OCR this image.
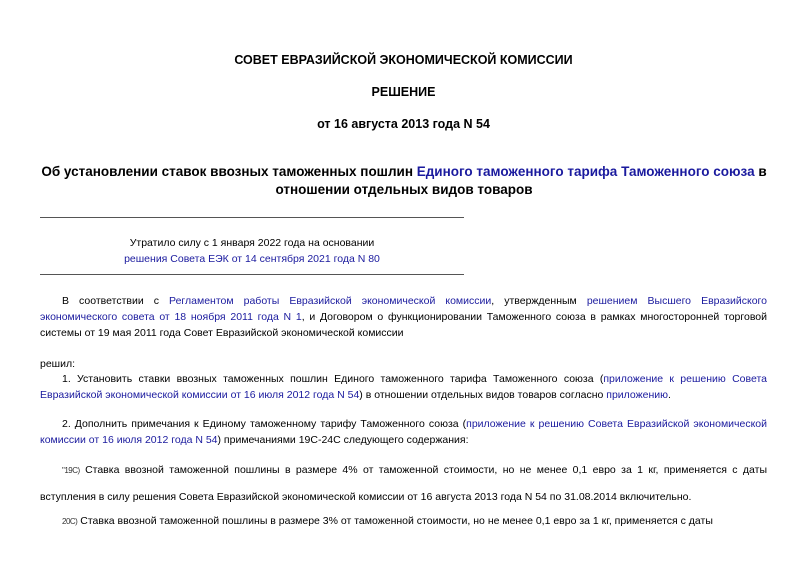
СОВЕТ ЕВРАЗИЙСКОЙ ЭКОНОМИЧЕСКОЙ КОМИССИИ
РЕШЕНИЕ
от 16 августа 2013 года N 54
Об установлении ставок ввозных таможенных пошлин Единого таможенного тарифа Таможенного союза в отношении отдельных видов товаров
Утратило силу с 1 января 2022 года на основании
решения Совета ЕЭК от 14 сентября 2021 года N 80
В соответствии с Регламентом работы Евразийской экономической комиссии, утвержденным решением Высшего Евразийского экономического совета от 18 ноября 2011 года N 1, и Договором о функционировании Таможенного союза в рамках многосторонней торговой системы от 19 мая 2011 года Совет Евразийской экономической комиссии
решил:
1. Установить ставки ввозных таможенных пошлин Единого таможенного тарифа Таможенного союза (приложение к решению Совета Евразийской экономической комиссии от 16 июля 2012 года N 54) в отношении отдельных видов товаров согласно приложению.
2. Дополнить примечания к Единому таможенному тарифу Таможенного союза (приложение к решению Совета Евразийской экономической комиссии от 16 июля 2012 года N 54) примечаниями 19С-24С следующего содержания:
"19С) Ставка ввозной таможенной пошлины в размере 4% от таможенной стоимости, но не менее 0,1 евро за 1 кг, применяется с даты вступления в силу решения Совета Евразийской экономической комиссии от 16 августа 2013 года N 54 по 31.08.2014 включительно.
20С) Ставка ввозной таможенной пошлины в размере 3% от таможенной стоимости, но не менее 0,1 евро за 1 кг, применяется с даты
